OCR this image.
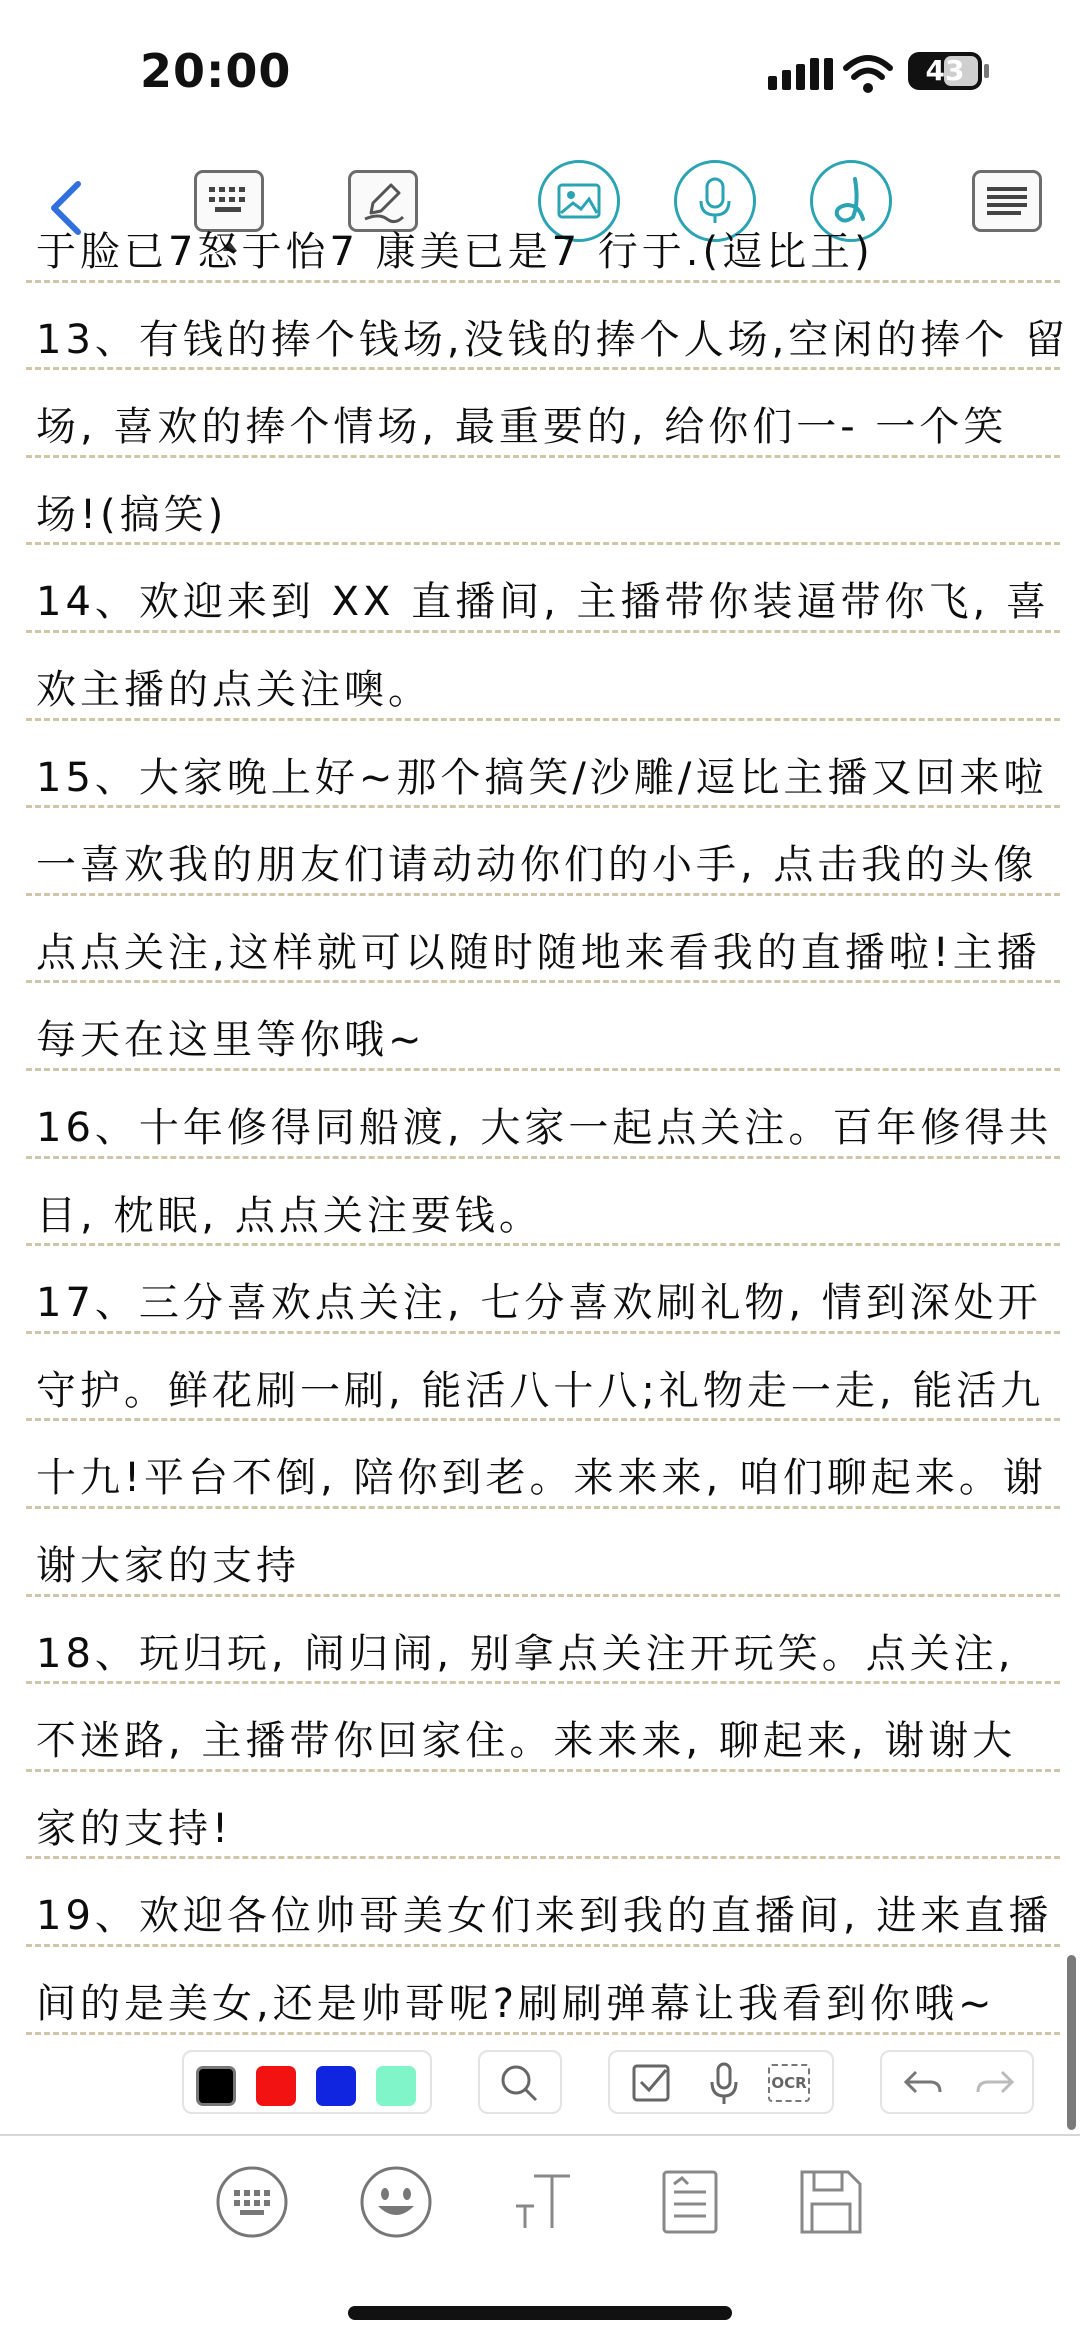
20:00	43
于脸已7怒于怡7 康美已是7 行于.(逗比王)
13、有钱的捧个钱场,没钱的捧个人场,空闲的捧个 留
场, 喜欢的捧个情场, 最重要的, 给你们一- 一个笑
场!(搞笑)
14、欢迎来到 XX 直播间, 主播带你装逼带你飞, 喜
欢主播的点关注噢。
15、大家晚上好~那个搞笑/沙雕/逗比主播又回来啦
一喜欢我的朋友们请动动你们的小手, 点击我的头像
点点关注,这样就可以随时随地来看我的直播啦!主播
每天在这里等你哦~
16、十年修得同船渡, 大家一起点关注。百年修得共
目, 枕眠, 点点关注要钱。
17、三分喜欢点关注, 七分喜欢刷礼物, 情到深处开
守护。鲜花刷一刷, 能活八十八;礼物走一走, 能活九
十九!平台不倒, 陪你到老。来来来, 咱们聊起来。谢
谢大家的支持
18、玩归玩, 闹归闹, 别拿点关注开玩笑。点关注,
不迷路, 主播带你回家住。来来来, 聊起来, 谢谢大
家的支持!
19、欢迎各位帅哥美女们来到我的直播间, 进来直播
间的是美女,还是帅哥呢?刷刷弹幕让我看到你哦~
OCR
